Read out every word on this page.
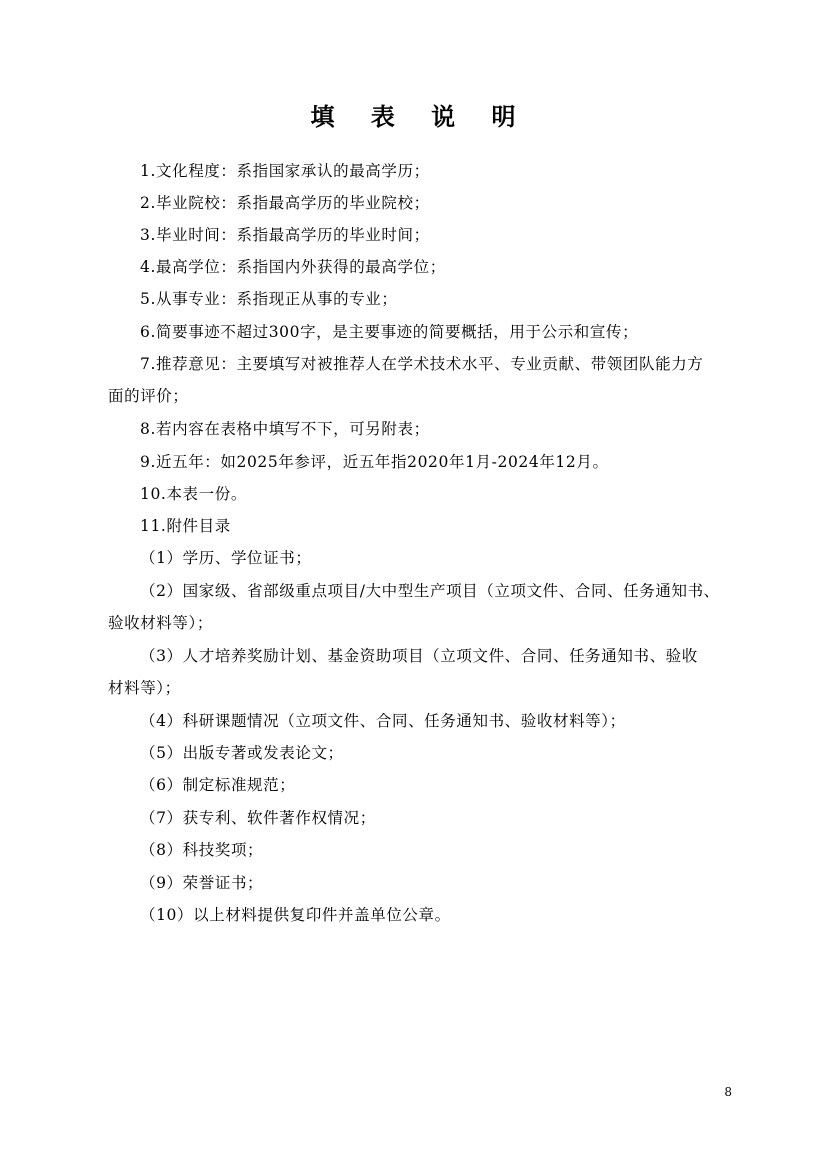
填 表 说 明
1.文化程度：系指国家承认的最高学历；
2.毕业院校：系指最高学历的毕业院校；
3.毕业时间：系指最高学历的毕业时间；
4.最高学位：系指国内外获得的最高学位；
5.从事专业：系指现正从事的专业；
6.简要事迹不超过300字，是主要事迹的简要概括，用于公示和宣传；
7.推荐意见：主要填写对被推荐人在学术技术水平、专业贡献、带领团队能力方
面的评价；
8.若内容在表格中填写不下，可另附表；
9.近五年：如2025年参评，近五年指2020年1月-2024年12月。
10.本表一份。
11.附件目录
（1）学历、学位证书；
（2）国家级、省部级重点项目/大中型生产项目（立项文件、合同、任务通知书、
验收材料等）；
（3）人才培养奖励计划、基金资助项目（立项文件、合同、任务通知书、验收
材料等）；
（4）科研课题情况（立项文件、合同、任务通知书、验收材料等）；
（5）出版专著或发表论文；
（6）制定标准规范；
（7）获专利、软件著作权情况；
（8）科技奖项；
（9）荣誉证书；
（10）以上材料提供复印件并盖单位公章。
8
